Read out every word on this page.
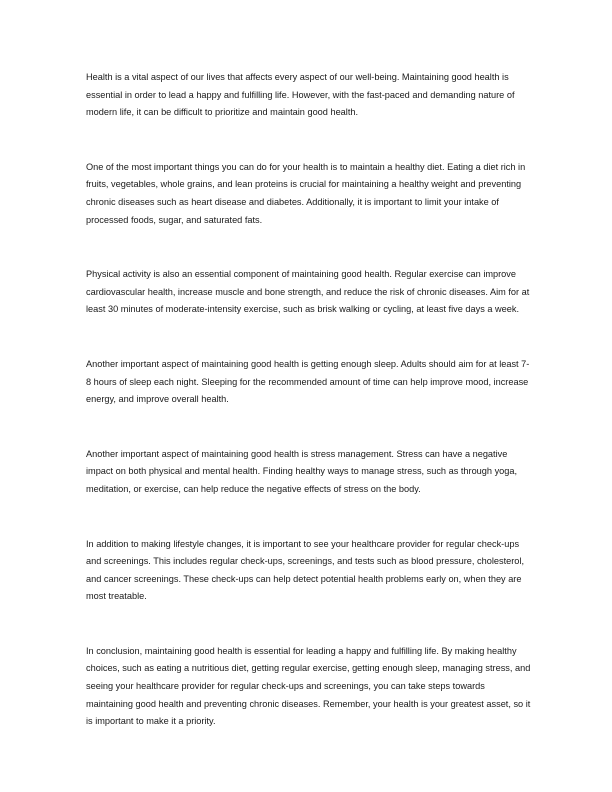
Health is a vital aspect of our lives that affects every aspect of our well-being. Maintaining good health is essential in order to lead a happy and fulfilling life. However, with the fast-paced and demanding nature of modern life, it can be difficult to prioritize and maintain good health.

One of the most important things you can do for your health is to maintain a healthy diet. Eating a diet rich in fruits, vegetables, whole grains, and lean proteins is crucial for maintaining a healthy weight and preventing chronic diseases such as heart disease and diabetes. Additionally, it is important to limit your intake of processed foods, sugar, and saturated fats.

Physical activity is also an essential component of maintaining good health. Regular exercise can improve cardiovascular health, increase muscle and bone strength, and reduce the risk of chronic diseases. Aim for at least 30 minutes of moderate-intensity exercise, such as brisk walking or cycling, at least five days a week.

Another important aspect of maintaining good health is getting enough sleep. Adults should aim for at least 7-8 hours of sleep each night. Sleeping for the recommended amount of time can help improve mood, increase energy, and improve overall health.

Another important aspect of maintaining good health is stress management. Stress can have a negative impact on both physical and mental health. Finding healthy ways to manage stress, such as through yoga, meditation, or exercise, can help reduce the negative effects of stress on the body.

In addition to making lifestyle changes, it is important to see your healthcare provider for regular check-ups and screenings. This includes regular check-ups, screenings, and tests such as blood pressure, cholesterol, and cancer screenings. These check-ups can help detect potential health problems early on, when they are most treatable.

In conclusion, maintaining good health is essential for leading a happy and fulfilling life. By making healthy choices, such as eating a nutritious diet, getting regular exercise, getting enough sleep, managing stress, and seeing your healthcare provider for regular check-ups and screenings, you can take steps towards maintaining good health and preventing chronic diseases. Remember, your health is your greatest asset, so it is important to make it a priority.
